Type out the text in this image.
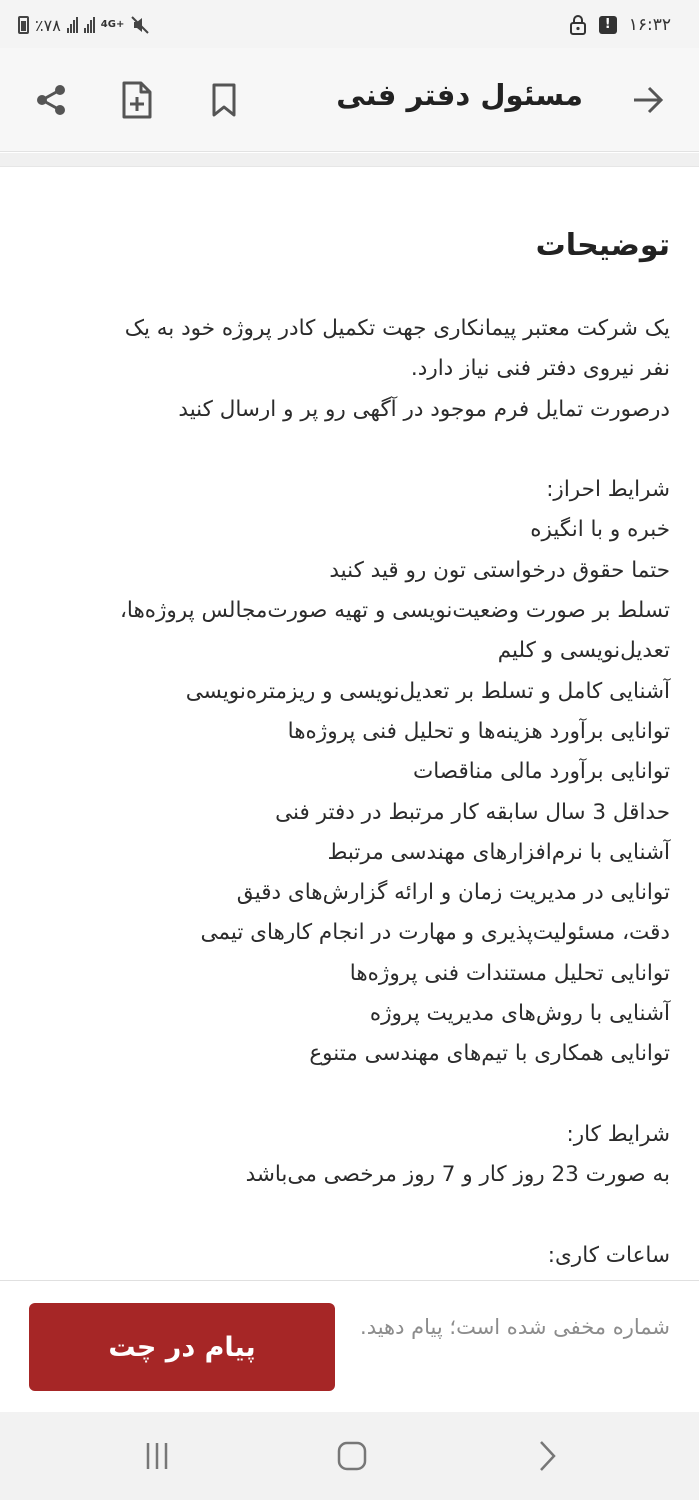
٪۷۸	4G+	!	۱۶:۳۲
مسئول دفتر فنی
توضیحات
یک شرکت معتبر پیمانکاری جهت تکمیل کادر پروژه خود به یک
نفر نیروی دفتر فنی نیاز دارد.
درصورت تمایل فرم موجود در آگهی رو پر و ارسال کنید
شرایط احراز:
خبره و با انگیزه
حتما حقوق درخواستی تون رو قید کنید
تسلط بر صورت وضعیت‌نویسی و تهیه صورت‌مجالس پروژه‌ها،
تعدیل‌نویسی و کلیم
آشنایی کامل و تسلط بر تعدیل‌نویسی و ریزمتره‌نویسی
توانایی برآورد هزینه‌ها و تحلیل فنی پروژه‌ها
توانایی برآورد مالی مناقصات
حداقل 3 سال سابقه کار مرتبط در دفتر فنی
آشنایی با نرم‌افزارهای مهندسی مرتبط
توانایی در مدیریت زمان و ارائه گزارش‌های دقیق
دقت، مسئولیت‌پذیری و مهارت در انجام کارهای تیمی
توانایی تحلیل مستندات فنی پروژه‌ها
آشنایی با روش‌های مدیریت پروژه
توانایی همکاری با تیم‌های مهندسی متنوع
شرایط کار:
به صورت 23 روز کار و 7 روز مرخصی می‌باشد
ساعات کاری:
پیام در چت
شماره مخفی شده است؛ پیام دهید.
